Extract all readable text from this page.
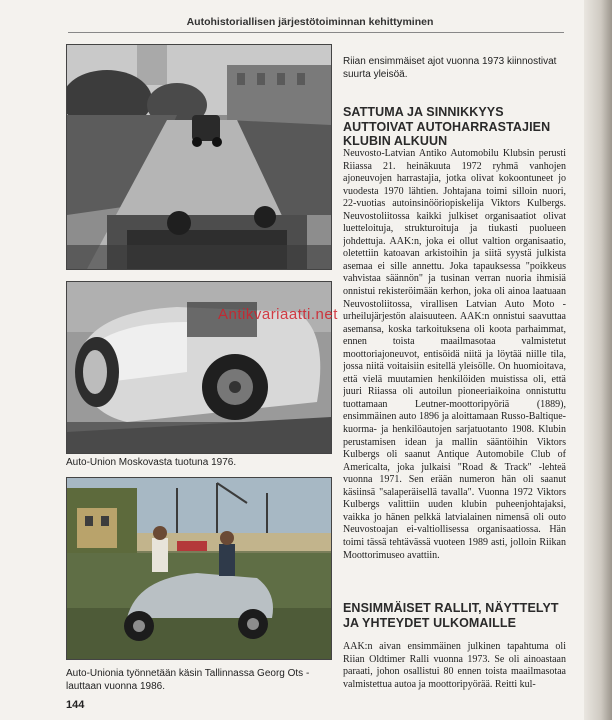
Autohistoriallisen järjestötoiminnan kehittyminen
Riian ensimmäiset ajot vuonna 1973 kiinnostivat suurta yleisöä.
Auto-Union Moskovasta tuotuna 1976.
Auto-Unionia työnnetään käsin Tallinnassa Georg Ots -lauttaan vuonna 1986.
SATTUMA JA SINNIKKYYS AUTTOIVAT AUTOHARRASTAJIEN KLUBIN ALKUUN
Neuvosto-Latvian Antiko Automobilu Klubsin perusti Riiassa 21. heinäkuuta 1972 ryhmä vanhojen ajoneuvojen harrastajia, jotka olivat kokoontuneet jo vuodesta 1970 lähtien. Johtajana toimi silloin nuori, 22-vuotias autoinsinööriopiskelija Viktors Kulbergs. Neuvostoliitossa kaikki julkiset organisaatiot olivat luetteloituja, strukturoituja ja tiukasti puolueen johdettuja. AAK:n, joka ei ollut valtion organisaatio, oletettiin katoavan arkistoihin ja siitä syystä julkista asemaa ei sille annettu. Joka tapauksessa "poikkeus vahvistaa säännön" ja tusinan verran nuoria ihmisiä onnistui rekisteröimään kerhon, joka oli ainoa laatuaan Neuvostoliitossa, virallisen Latvian Auto Moto -urheilujärjestön alaisuuteen. AAK:n onnistui saavuttaa asemansa, koska tarkoituksena oli koota parhaimmat, ennen toista maailmasotaa valmistetut moottoriajoneuvot, entisöidä niitä ja löytää niille tila, jossa niitä voitaisiin esitellä yleisölle. On huomioitava, että vielä muutamien henkilöiden muistissa oli, että juuri Riiassa oli autoilun pioneeriaikoina onnistuttu tuottamaan Leutner-moottoripyöriä (1889), ensimmäinen auto 1896 ja aloittamaan Russo-Baltique-kuorma- ja henkilöautojen sarjatuotanto 1908. Klubin perustamisen idean ja mallin sääntöihin Viktors Kulbergs oli saanut Antique Automobile Club of Americalta, joka julkaisi "Road & Track" -lehteä vuonna 1971. Sen erään numeron hän oli saanut käsiinsä "salaperäisellä tavalla". Vuonna 1972 Viktors Kulbergs valittiin uuden klubin puheenjohtajaksi, vaikka jo hänen pelkkä latvialainen nimensä oli outo Neuvostoajan ei-valtiollisessa organisaatiossa. Hän toimi tässä tehtävässä vuoteen 1989 asti, jolloin Riikan Moottorimuseo avattiin.
ENSIMMÄISET RALLIT, NÄYTTELYT JA YHTEYDET ULKOMAILLE
AAK:n aivan ensimmäinen julkinen tapahtuma oli Riian Oldtimer Ralli vuonna 1973. Se oli ainoastaan paraati, johon osallistui 80 ennen toista maailmasotaa valmistettua autoa ja moottoripyörää. Reitti kul-
Antikvariaatti.net
144
